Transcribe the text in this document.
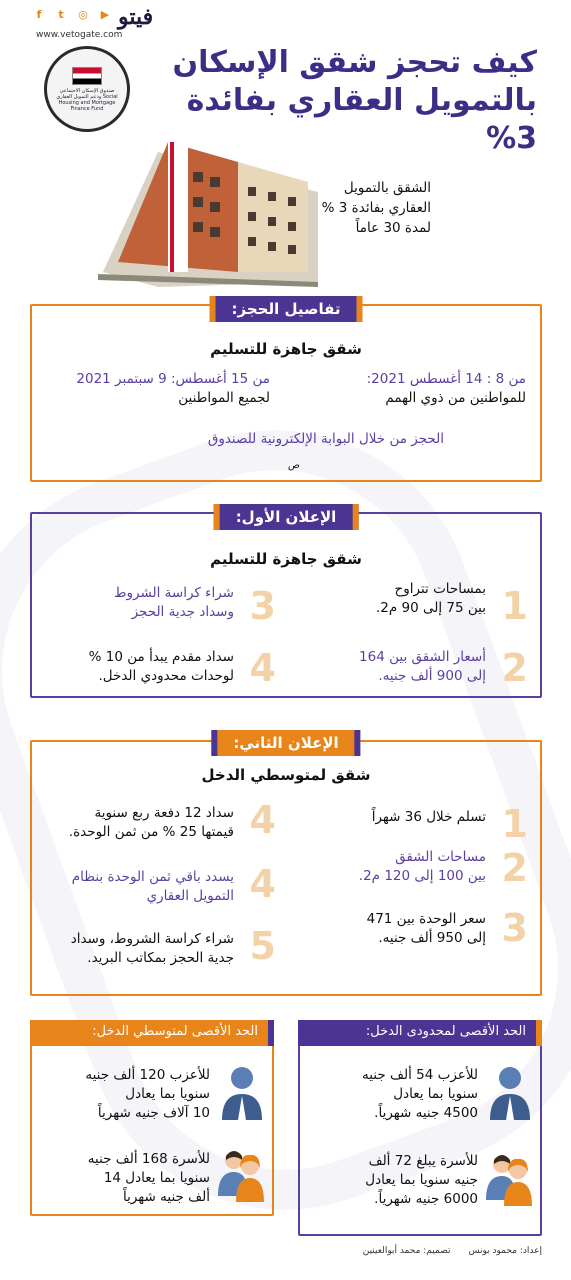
f	t	◎ ▶ فيتو
www.vetogate.com
صندوق الإسكان الاجتماعي ودعم التمويل العقاري Social Housing and Mortgage Finance Fund
كيف تحجز شقق الإسكان
بالتمويل العقاري بفائدة 3%
الشقق بالتمويل
العقاري بفائدة 3 %
لمدة 30 عاماً
تفاصيل الحجز:
شقق جاهزة للتسليم
من 8 : 14 أغسطس 2021:
للمواطنين من ذوي الهمم
من 15 أغسطس: 9 سبتمبر 2021
لجميع المواطنين
الحجز من خلال البوابة الإلكترونية للصندوق
ص
الإعلان الأول:
شقق جاهزة للتسليم
1
بمساحات تتراوح
بين 75 إلى 90 م2.
2
أسعار الشقق بين 164
إلى 900 ألف جنيه.
3
شراء كراسة الشروط
وسداد جدية الحجز
4
سداد مقدم يبدأ من 10 %
لوحدات محدودي الدخل.
الإعلان الثاني:
شقق لمتوسطي الدخل
1
تسلم خلال 36 شهراً
2
مساحات الشقق
بين 100 إلى 120 م2.
3
سعر الوحدة بين 471
إلى 950 ألف جنيه.
4
سداد 12 دفعة ربع سنوية
قيمتها 25 % من ثمن الوحدة.
4
يسدد باقي ثمن الوحدة بنظام
التمويل العقاري
5
شراء كراسة الشروط، وسداد
جدية الحجز بمكاتب البريد.
الحد الأقصى لمحدودى الدخل:
للأعزب 54 ألف جنيه
سنويا بما يعادل
4500 جنيه شهرياً.
للأسرة يبلغ 72 ألف
جنيه سنويا بما يعادل
6000 جنيه شهرياً.
الحد الأقصى لمتوسطي الدخل:
للأعزب 120 ألف جنيه
سنويا بما يعادل
10 آلاف جنيه شهرياً
للأسرة 168 ألف جنيه
سنويا بما يعادل 14
ألف جنيه شهرياً
إعداد: محمود يونس
تصميم: محمد أبوالعينين
